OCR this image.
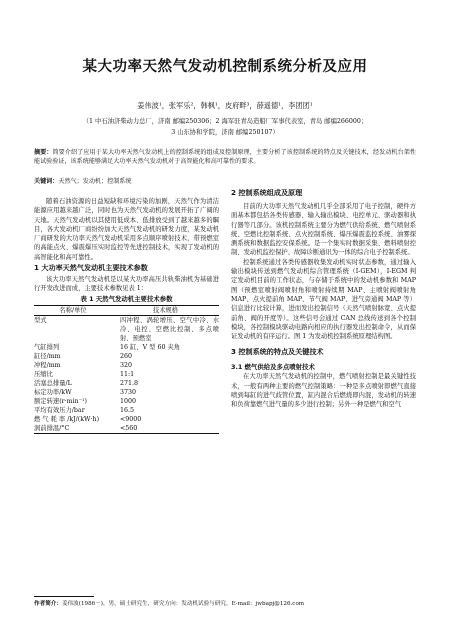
某大功率天然气发动机控制系统分析及应用
姜伟波¹，张军乐²，韩枫¹，皮府畔³，薛遥德¹，李团团¹
（1 中石油济柴动力总厂，济南 邮编250306；2 海军驻青岛造船厂军事代表室，青岛 邮编266000；
3 山东协和学院，济南 邮编250107）
摘要：简要介绍了应用于某大功率天然气发动机上的控制系统的组成及控制原理，主要分析了该控制系统的特点及关键技术，经发动机台架性能试验验证，该系统能够满足大功率天然气发动机对于高智能化和高可靠性的要求。
关键词：天然气；发动机；控制系统

随着石油资源的日益短缺和环境污染的加剧，天然气作为清洁能源应用越来越广泛，同时也为天然气发动机的发展开拓了广阔的天地。天然气发动机以其使用低成本、低排放受到了越来越多的瞩目，各大发动机厂商纷纷加大天然气发动机的研发力度，某发动机厂商研发的大功率天然气发动机采用多点顺序喷射技术，带预燃室的高能点火、爆震爆压实时监控等先进控制技术，实现了发动机的高智能化和高可靠性。

1 大功率天然气发动机主要技术参数

该大功率天然气发动机是以某大功率高压共轨柴油机为基础进行开发改进而成，主要技术参数见表 1：

表 1 天然气发动机主要技术参数
名称/单位	技术规格

型式	四冲程、涡轮增压、空气中冷、水冷、电控、空燃比控制、多点喷射、预燃室
气缸排列	16 缸、V 型 60 夹角
缸径/mm	260
冲程/mm	320
压缩比	11:1
活塞总排量/L	271.8
标定功率/kW	3730
额定转速(r·min⁻¹)	1000
平均有效压力/bar	16.5
燃 气 耗 率 /kJ/(kW·h)	<9000
涡前排温/°C	<560
2 控制系统组成及原理

目前的大功率天然气发动机几乎全部采用了电子控制，硬件方面基本都包括各类传感器、输入输出模块、电控单元、驱动器和执行器等几部分。该机控制系统主要分为燃气供给系统、燃气喷射系统、空燃比控制系统、点火控制系统、爆压爆震监控系统、油雾探测系统和数据监控安保系统。是一个集实时数据采集、燃料喷射控制、发动机监控保护、故障诊断通讯为一体的综合电子控制系统。

控制系统通过各类传感器收集发动机实时状态参数，通过输入输出模块传送到燃气发动机综合管理系统（I-GEM），I-EGM 判定发动机目前的工作状态，与存储于系统中的发动机参数和 MAP 图（预燃室喷射阀喷射角和喷射持续期 MAP、主喷射阀喷射角 MAP、点火提前角 MAP、节气阀 MAP、进气旁通阀 MAP 等）信息进行比较计算，进而发出控制信号（天然气喷射脉宽、点火提前角、阀的开度等）。这些信号会通过 CAN 总线传送到各个控制模块，各控制模块驱动电路向相应的执行器发出控制命令，从而保证发动机的有序运行。图 1 为发动机控制系统原理结构图。

3 控制系统的特点及关键技术
3.1 燃气供给及多点喷射技术

在大功率天然气发动机的控制中，燃气喷射控制是最关键性技术，一般有两种主要的燃气控制策略：一种是多点喷射即燃气直接喷到每缸的进气歧管位置，缸内混合后燃烧即内混，发动机的转速和负荷靠燃气进气量的多少进行控制；另外一种是燃气和空气

作者简介：姜伟波(1986－)，男，硕士研究生，研究方向：发动机试验与研究，E-mail：jwbapj@126.com
